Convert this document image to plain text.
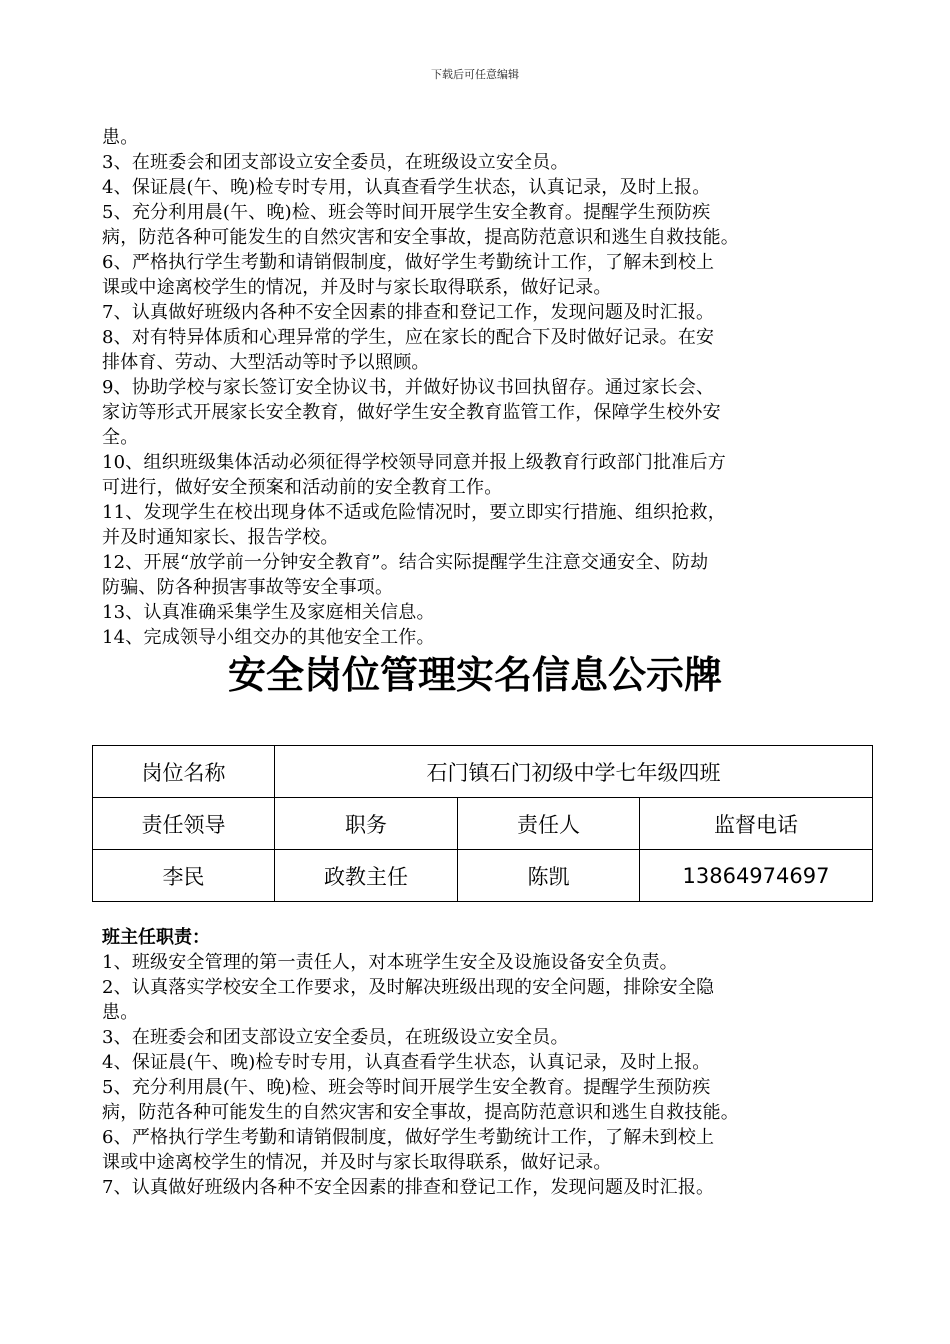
下载后可任意编辑
患。
3、在班委会和团支部设立安全委员，在班级设立安全员。
4、保证晨(午、晚)检专时专用，认真查看学生状态，认真记录，及时上报。
5、充分利用晨(午、晚)检、班会等时间开展学生安全教育。提醒学生预防疾
病，防范各种可能发生的自然灾害和安全事故，提高防范意识和逃生自救技能。
6、严格执行学生考勤和请销假制度，做好学生考勤统计工作，了解未到校上
课或中途离校学生的情况，并及时与家长取得联系，做好记录。
7、认真做好班级内各种不安全因素的排查和登记工作，发现问题及时汇报。
8、对有特异体质和心理异常的学生，应在家长的配合下及时做好记录。在安
排体育、劳动、大型活动等时予以照顾。
9、协助学校与家长签订安全协议书，并做好协议书回执留存。通过家长会、
家访等形式开展家长安全教育，做好学生安全教育监管工作，保障学生校外安
全。
10、组织班级集体活动必须征得学校领导同意并报上级教育行政部门批准后方
可进行，做好安全预案和活动前的安全教育工作。
11、发现学生在校出现身体不适或危险情况时，要立即实行措施、组织抢救，
并及时通知家长、报告学校。
12、开展“放学前一分钟安全教育”。结合实际提醒学生注意交通安全、防劫
防骗、防各种损害事故等安全事项。
13、认真准确采集学生及家庭相关信息。
14、完成领导小组交办的其他安全工作。
安全岗位管理实名信息公示牌
岗位名称	石门镇石门初级中学七年级四班		
责任领导	职务	责任人	监督电话
李民	政教主任	陈凯	13864974697
班主任职责：
1、班级安全管理的第一责任人，对本班学生安全及设施设备安全负责。
2、认真落实学校安全工作要求，及时解决班级出现的安全问题，排除安全隐
患。
3、在班委会和团支部设立安全委员，在班级设立安全员。
4、保证晨(午、晚)检专时专用，认真查看学生状态，认真记录，及时上报。
5、充分利用晨(午、晚)检、班会等时间开展学生安全教育。提醒学生预防疾
病，防范各种可能发生的自然灾害和安全事故，提高防范意识和逃生自救技能。
6、严格执行学生考勤和请销假制度，做好学生考勤统计工作，了解未到校上
课或中途离校学生的情况，并及时与家长取得联系，做好记录。
7、认真做好班级内各种不安全因素的排查和登记工作，发现问题及时汇报。
